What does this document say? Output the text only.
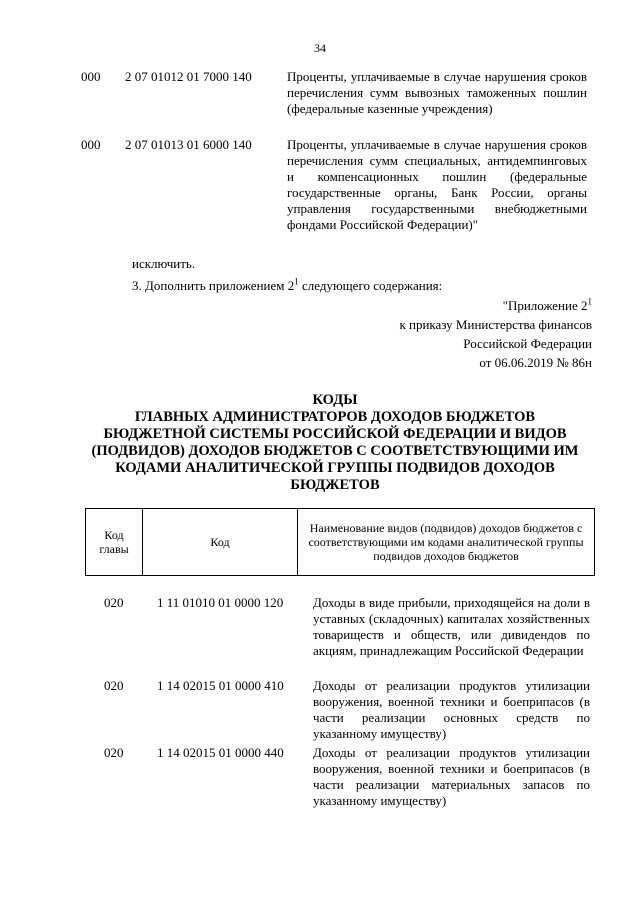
34
000 2 07 01012 01 7000 140	Проценты, уплачиваемые в случае нарушения сроков перечисления сумм вывозных таможенных пошлин (федеральные казенные учреждения)
000 2 07 01013 01 6000 140	Проценты, уплачиваемые в случае нарушения сроков перечисления сумм специальных, антидемпинговых и компенсационных пошлин (федеральные государственные органы, Банк России, органы управления государственными внебюджетными фондами Российской Федерации)"
исключить.
3. Дополнить приложением $2^1$ следующего содержания:
"Приложение $2^1$
к приказу Министерства финансов
Российской Федерации
от 06.06.2019 № 86н
КОДЫ
ГЛАВНЫХ АДМИНИСТРАТОРОВ ДОХОДОВ БЮДЖЕТОВ
БЮДЖЕТНОЙ СИСТЕМЫ РОССИЙСКОЙ ФЕДЕРАЦИИ И ВИДОВ
(ПОДВИДОВ) ДОХОДОВ БЮДЖЕТОВ С СООТВЕТСТВУЮЩИМИ ИМ
КОДАМИ АНАЛИТИЧЕСКОЙ ГРУППЫ ПОДВИДОВ ДОХОДОВ
БЮДЖЕТОВ
Код
главы	Код	Наименование видов (подвидов) доходов бюджетов с соответствующими им кодами аналитической группы подвидов доходов бюджетов
020	1 11 01010 01 0000 120 Доходы в виде прибыли, приходящейся на доли в уставных (складочных) капиталах хозяйственных товариществ и обществ, или дивидендов по акциям, принадлежащим Российской Федерации
020	1 14 02015 01 0000 410 Доходы от реализации продуктов утилизации вооружения, военной техники и боеприпасов (в части реализации основных средств по указанному имуществу)
020	1 14 02015 01 0000 440 Доходы от реализации продуктов утилизации вооружения, военной техники и боеприпасов (в части реализации материальных запасов по указанному имуществу)
